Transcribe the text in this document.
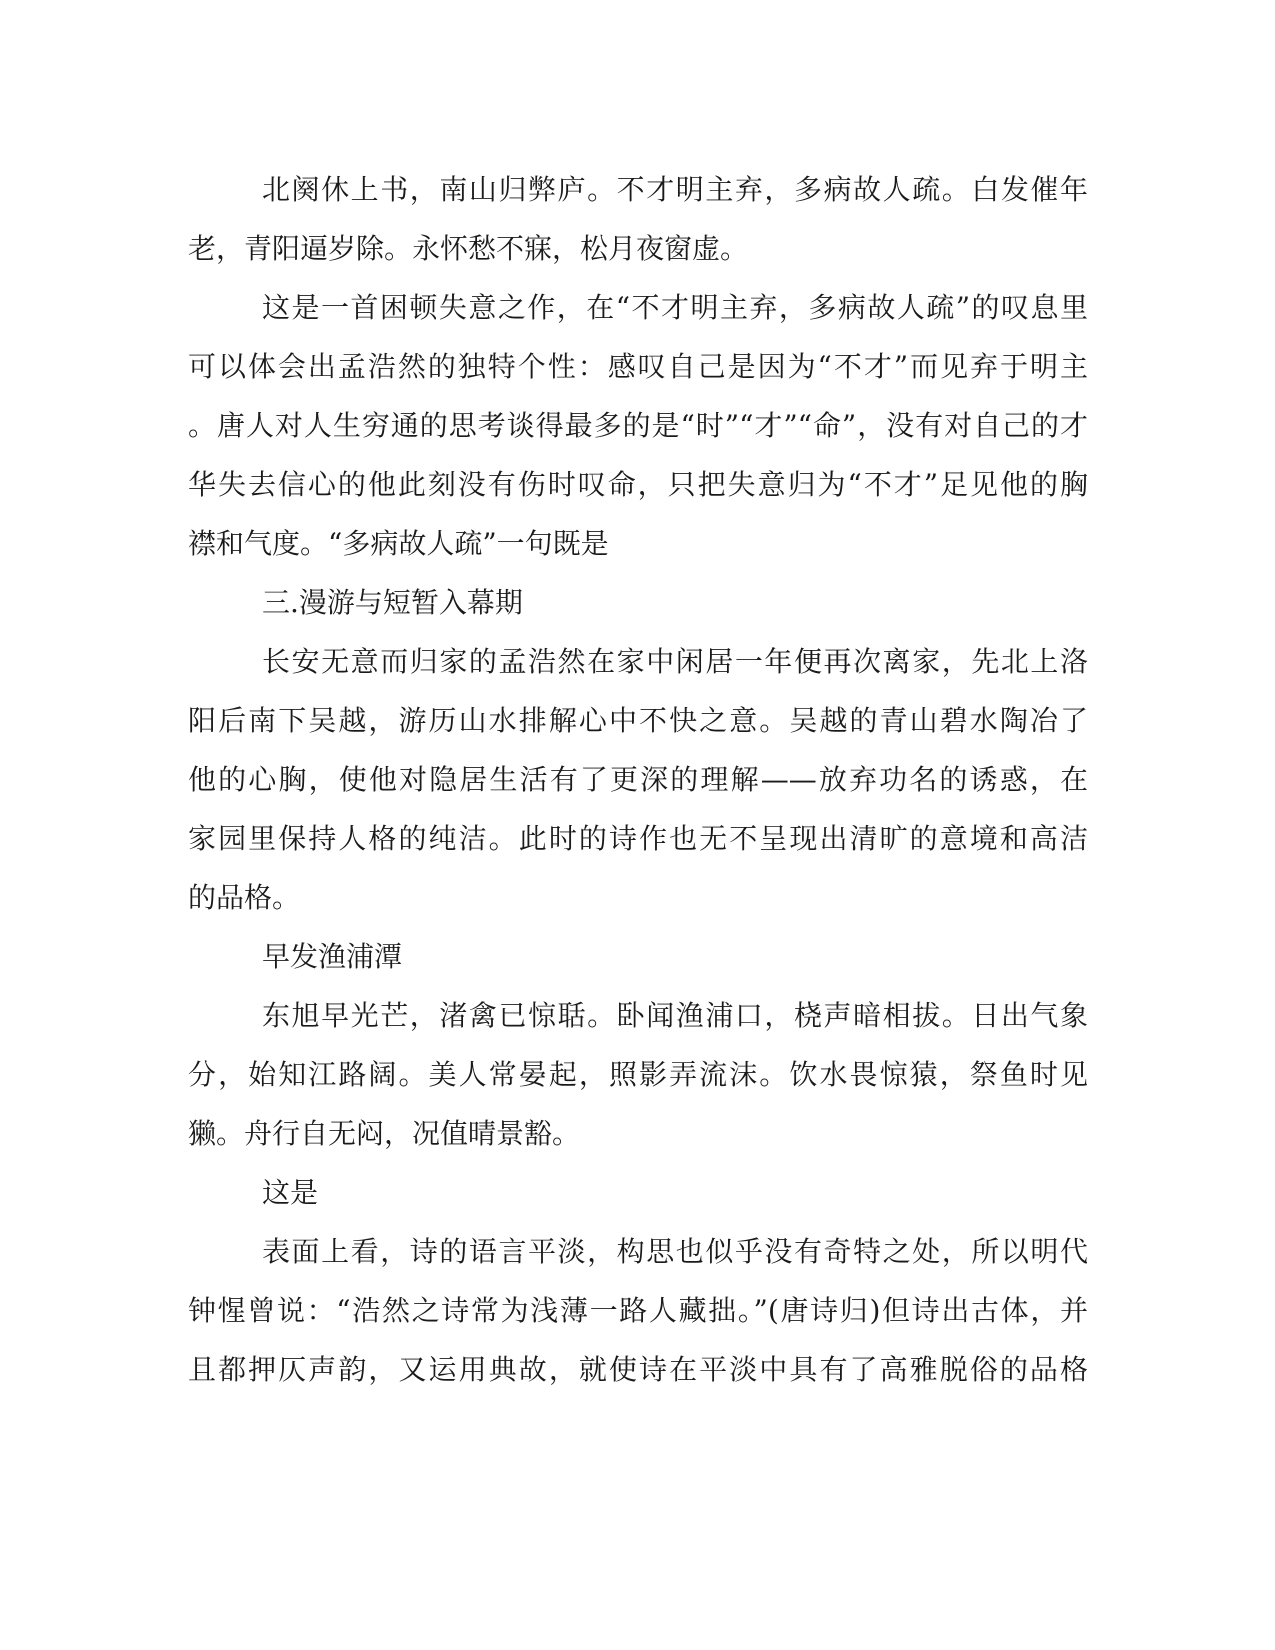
北阕休上书，南山归弊庐。不才明主弃，多病故人疏。白发催年
老，青阳逼岁除。永怀愁不寐，松月夜窗虚。
这是一首困顿失意之作，在“不才明主弃，多病故人疏”的叹息里
可以体会出孟浩然的独特个性：感叹自己是因为“不才”而见弃于明主
。唐人对人生穷通的思考谈得最多的是“时”“才”“命”，没有对自己的才
华失去信心的他此刻没有伤时叹命，只把失意归为“不才”足见他的胸
襟和气度。“多病故人疏”一句既是
三.漫游与短暂入幕期
长安无意而归家的孟浩然在家中闲居一年便再次离家，先北上洛
阳后南下吴越，游历山水排解心中不快之意。吴越的青山碧水陶冶了
他的心胸，使他对隐居生活有了更深的理解——放弃功名的诱惑，在
家园里保持人格的纯洁。此时的诗作也无不呈现出清旷的意境和高洁
的品格。
早发渔浦潭
东旭早光芒，渚禽已惊聒。卧闻渔浦口，桡声暗相拔。日出气象
分，始知江路阔。美人常晏起，照影弄流沫。饮水畏惊猿，祭鱼时见
獭。舟行自无闷，况值晴景豁。
这是
表面上看，诗的语言平淡，构思也似乎没有奇特之处，所以明代
钟惺曾说：“浩然之诗常为浅薄一路人藏拙。”(唐诗归)但诗出古体，并
且都押仄声韵，又运用典故，就使诗在平淡中具有了高雅脱俗的品格
